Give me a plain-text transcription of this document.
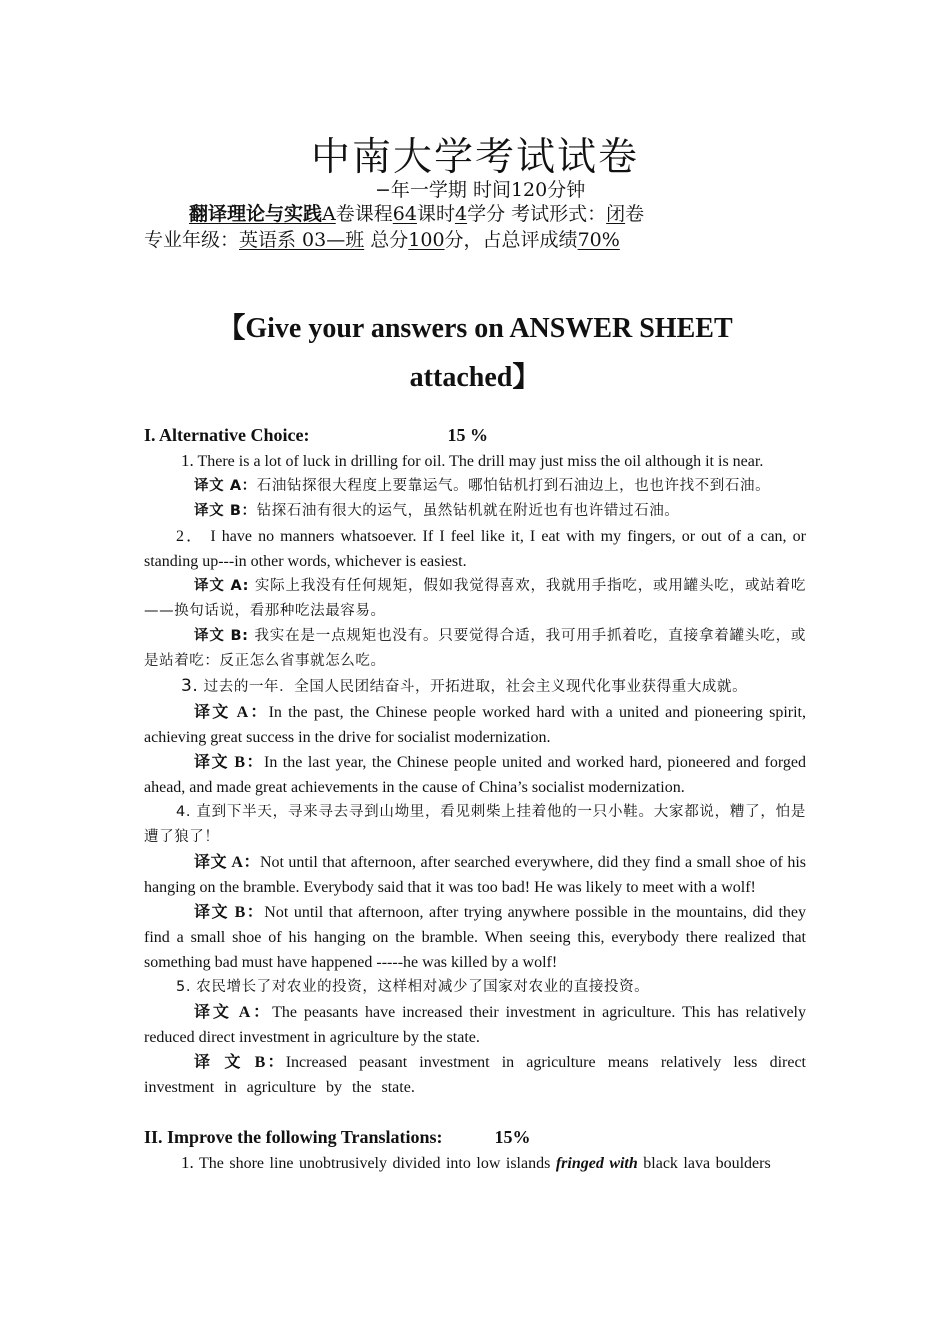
中南大学考试试卷
−年一学期 时间120分钟
翻译理论与实践A卷课程64课时4学分 考试形式：闭卷
专业年级：英语系 03—班 总分100分，占总评成绩70%
【Give your answers on ANSWER SHEET
attached】
I. Alternative Choice:	15 %

1. There is a lot of luck in drilling for oil. The drill may just miss the oil although it is near.

译文 A：石油钻探很大程度上要靠运气。哪怕钻机打到石油边上，也也许找不到石油。

译文 B：钻探石油有很大的运气，虽然钻机就在附近也有也许错过石油。

2． I have no manners whatsoever. If I feel like it, I eat with my fingers, or out of a can, or standing up---in other words, whichever is easiest.

译文 A: 实际上我没有任何规矩，假如我觉得喜欢，我就用手指吃，或用罐头吃，或站着吃——换句话说，看那种吃法最容易。

译文 B: 我实在是一点规矩也没有。只要觉得合适，我可用手抓着吃，直接拿着罐头吃，或是站着吃：反正怎么省事就怎么吃。

3. 过去的一年．全国人民团结奋斗，开拓进取，社会主义现代化事业获得重大成就。

译文 A：In the past, the Chinese people worked hard with a united and pioneering spirit, achieving great success in the drive for socialist modernization.

译文 B：In the last year, the Chinese people united and worked hard, pioneered and forged ahead, and made great achievements in the cause of China’s socialist modernization.

4. 直到下半天，寻来寻去寻到山坳里，看见刺柴上挂着他的一只小鞋。大家都说，糟了，怕是遭了狼了！

译文 A：Not until that afternoon, after searched everywhere, did they find a small shoe of his hanging on the bramble. Everybody said that it was too bad! He was likely to meet with a wolf!

译文 B：Not until that afternoon, after trying anywhere possible in the mountains, did they find a small shoe of his hanging on the bramble. When seeing this, everybody there realized that something bad must have happened -----he was killed by a wolf!

5. 农民增长了对农业的投资，这样相对减少了国家对农业的直接投资。

译文 A：The peasants have increased their investment in agriculture. This has relatively reduced direct investment in agriculture by the state.

译 文 B：Increased peasant investment in agriculture means relatively less direct investment in agriculture by the state.

II. Improve the following Translations:	15%

1. The shore line unobtrusively divided into low islands fringed with black lava boulders
